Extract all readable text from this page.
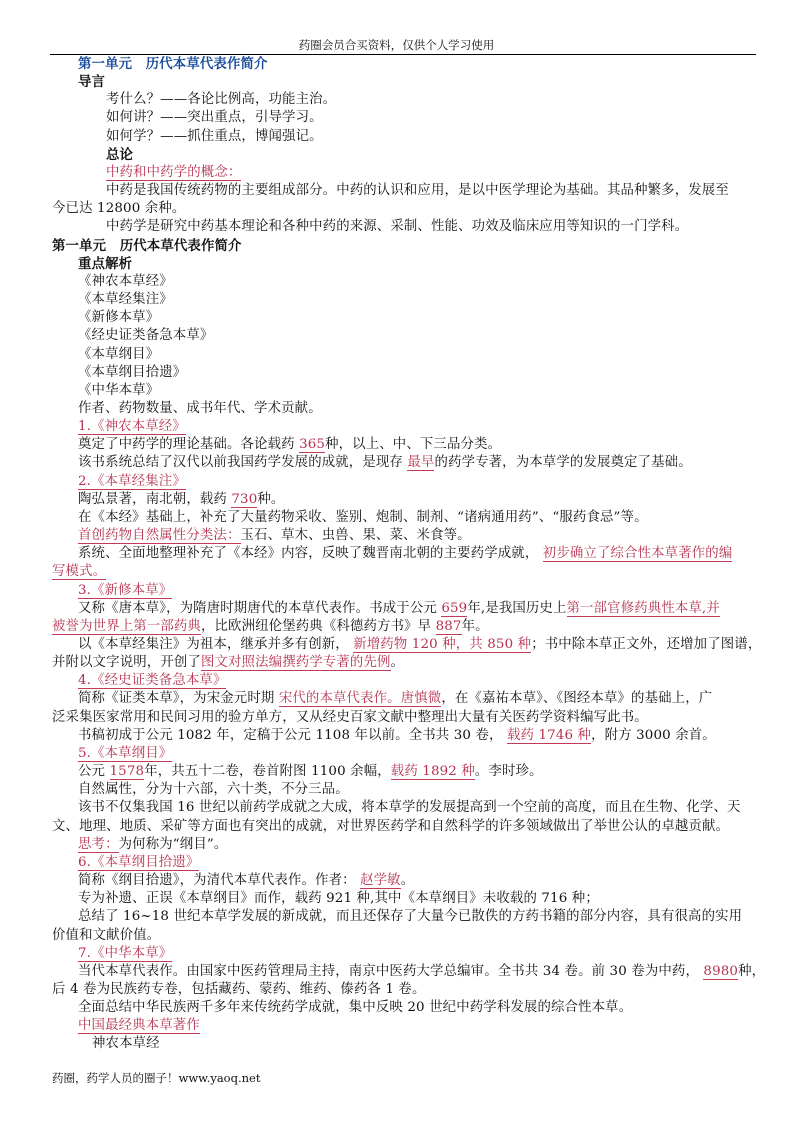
药圈会员合买资料，仅供个人学习使用
第一单元　历代本草代表作简介
导言
考什么？——各论比例高，功能主治。
如何讲？——突出重点，引导学习。
如何学？——抓住重点，博闻强记。
总论
中药和中药学的概念：
中药是我国传统药物的主要组成部分。中药的认识和应用，是以中医学理论为基础。其品种繁多，发展至
今已达 12800 余种。
中药学是研究中药基本理论和各种中药的来源、采制、性能、功效及临床应用等知识的一门学科。
第一单元　历代本草代表作简介
重点解析
《神农本草经》
《本草经集注》
《新修本草》
《经史证类备急本草》
《本草纲目》
《本草纲目拾遗》
《中华本草》
作者、药物数量、成书年代、学术贡献。
1.《神农本草经》
奠定了中药学的理论基础。各论载药 365种，以上、中、下三品分类。
该书系统总结了汉代以前我国药学发展的成就，是现存 最早的药学专著，为本草学的发展奠定了基础。
2.《本草经集注》
陶弘景著，南北朝，载药 730种。
在《本经》基础上，补充了大量药物采收、鉴别、炮制、制剂、“诸病通用药”、“服药食忌”等。
首创药物自然属性分类法：玉石、草木、虫兽、果、菜、米食等。
系统、全面地整理补充了《本经》内容，反映了魏晋南北朝的主要药学成就， 初步确立了综合性本草著作的编
写模式。
3.《新修本草》
又称《唐本草》，为隋唐时期唐代的本草代表作。书成于公元 659年,是我国历史上第一部官修药典性本草,并
被誉为世界上第一部药典，比欧洲纽伦堡药典《科德药方书》早 887年。
以《本草经集注》为祖本，继承并多有创新， 新增药物 120 种，共 850 种；书中除本草正文外，还增加了图谱，
并附以文字说明，开创了图文对照法编撰药学专著的先例。
4.《经史证类备急本草》
简称《证类本草》，为宋金元时期 宋代的本草代表作。唐慎微，在《嘉祐本草》、《图经本草》的基础上，广
泛采集医家常用和民间习用的验方单方，又从经史百家文献中整理出大量有关医药学资料编写此书。
书稿初成于公元 1082 年，定稿于公元 1108 年以前。全书共 30 卷， 载药 1746 种，附方 3000 余首。
5.《本草纲目》
公元 1578年，共五十二卷，卷首附图 1100 余幅，载药 1892 种。李时珍。
自然属性，分为十六部，六十类，不分三品。
该书不仅集我国 16 世纪以前药学成就之大成，将本草学的发展提高到一个空前的高度，而且在生物、化学、天
文、地理、地质、采矿等方面也有突出的成就，对世界医药学和自然科学的许多领域做出了举世公认的卓越贡献。
思考：为何称为“纲目”。
6.《本草纲目拾遗》
简称《纲目拾遗》，为清代本草代表作。作者： 赵学敏。
专为补遗、正误《本草纲目》而作，载药 921 种,其中《本草纲目》未收载的 716 种；
总结了 16~18 世纪本草学发展的新成就，而且还保存了大量今已散佚的方药书籍的部分内容，具有很高的实用
价值和文献价值。
7.《中华本草》
当代本草代表作。由国家中医药管理局主持，南京中医药大学总编审。全书共 34 卷。前 30 卷为中药， 8980种，
后 4 卷为民族药专卷，包括藏药、蒙药、维药、傣药各 1 卷。
全面总结中华民族两千多年来传统药学成就，集中反映 20 世纪中药学科发展的综合性本草。
中国最经典本草著作
神农本草经
药圈，药学人员的圈子！www.yaoq.net
